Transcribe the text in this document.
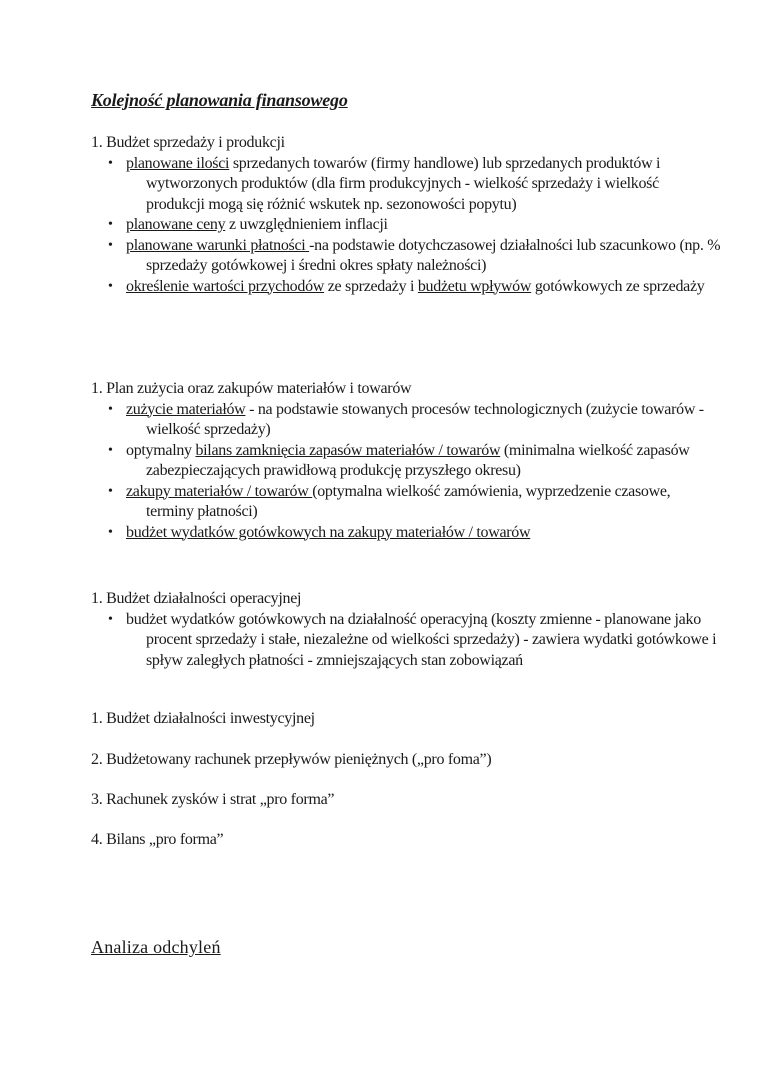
Kolejność planowania finansowego
1. Budżet sprzedaży i produkcji
• planowane ilości sprzedanych towarów (firmy handlowe) lub sprzedanych produktów i wytworzonych produktów (dla firm produkcyjnych - wielkość sprzedaży i wielkość produkcji mogą się różnić wskutek np. sezonowości popytu)
• planowane ceny z uwzględnieniem inflacji
• planowane warunki płatności -na podstawie dotychczasowej działalności lub szacunkowo (np. % sprzedaży gotówkowej i średni okres spłaty należności)
• określenie wartości przychodów ze sprzedaży i budżetu wpływów gotówkowych ze sprzedaży
1. Plan zużycia oraz zakupów materiałów i towarów
• zużycie materiałów - na podstawie stowanych procesów technologicznych (zużycie towarów - wielkość sprzedaży)
• optymalny bilans zamknięcia zapasów materiałów / towarów (minimalna wielkość zapasów zabezpieczających prawidłową produkcję przyszłego okresu)
• zakupy materiałów / towarów (optymalna wielkość zamówienia, wyprzedzenie czasowe, terminy płatności)
• budżet wydatków gotówkowych na zakupy materiałów / towarów
1. Budżet działalności operacyjnej
• budżet wydatków gotówkowych na działalność operacyjną (koszty zmienne - planowane jako procent sprzedaży i stałe, niezależne od wielkości sprzedaży) - zawiera wydatki gotówkowe i spływ zaległych płatności - zmniejszających stan zobowiązań
1. Budżet działalności inwestycyjnej
2. Budżetowany rachunek przepływów pieniężnych („pro foma”)
3. Rachunek zysków i strat „pro forma”
4. Bilans „pro forma”
Analiza odchyleń
